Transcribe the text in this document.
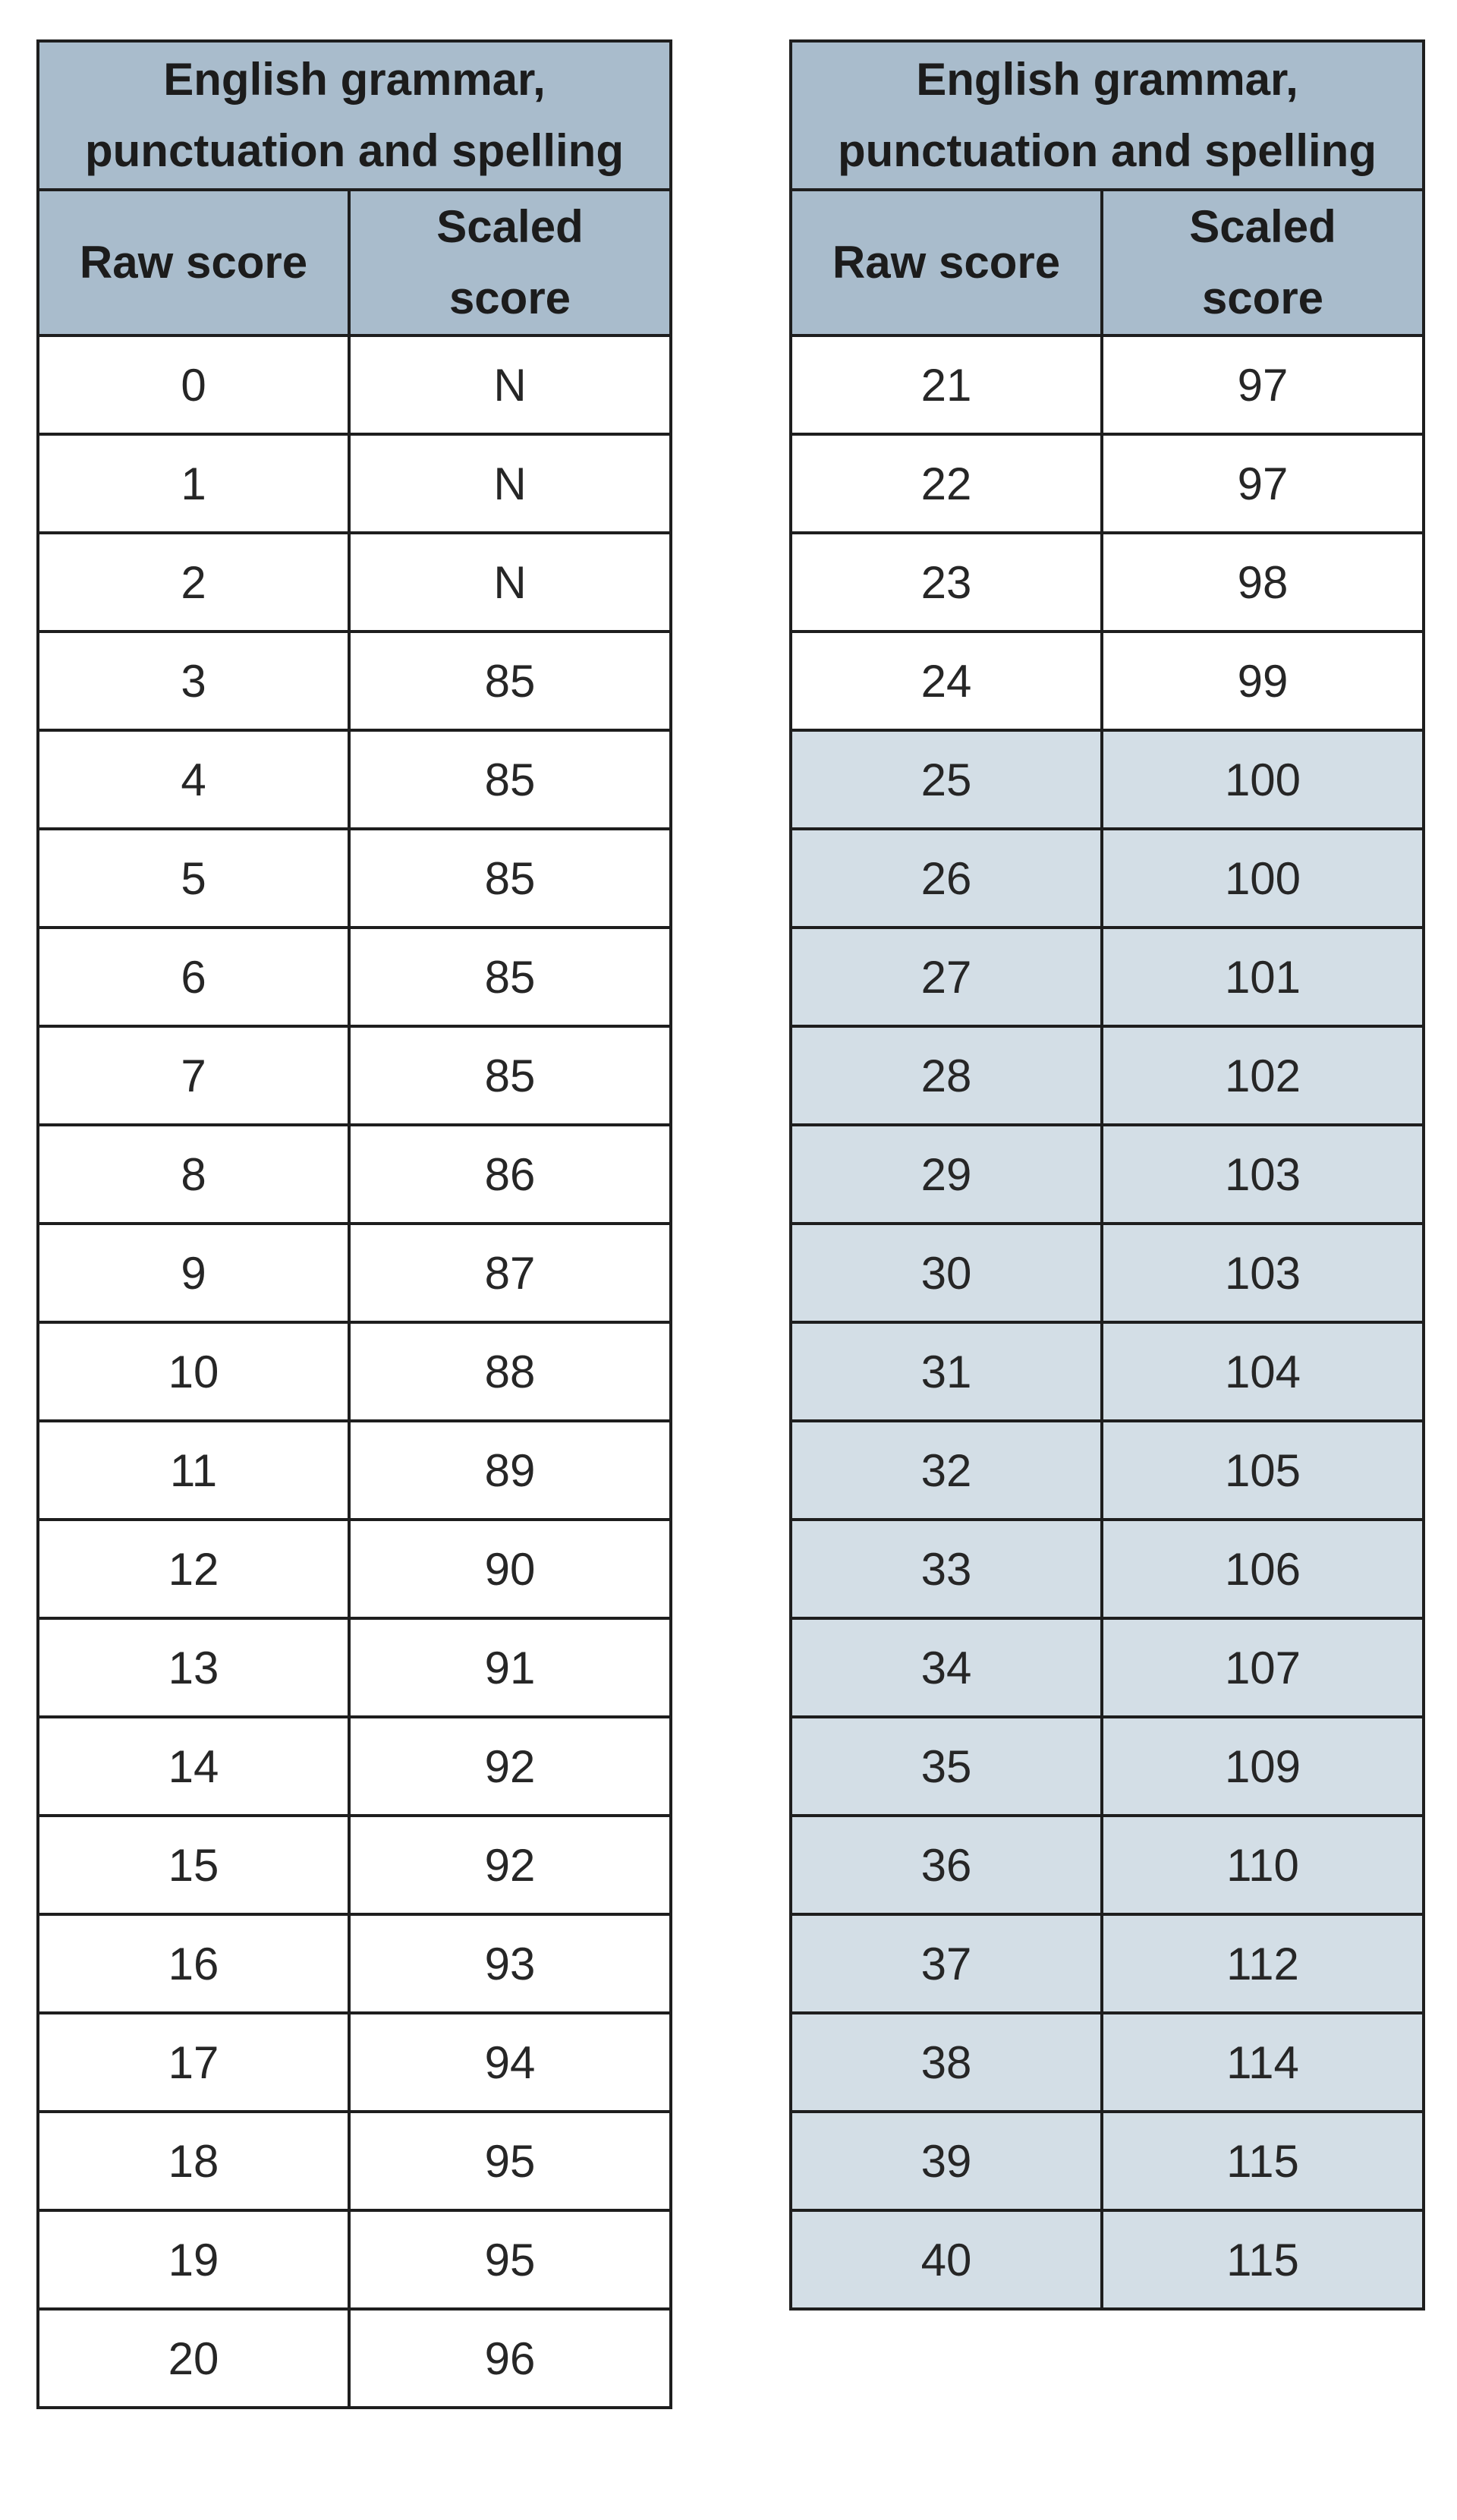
English grammar, punctuation and spelling	
Raw score	Scaled
score
0	N
1	N
2	N
3	85
4	85
5	85
6	85
7	85
8	86
9	87
10	88
11	89
12	90
13	91
14	92
15	92
16	93
17	94
18	95
19	95
20	96
English grammar, punctuation and spelling	
Raw score	Scaled
score
21	97
22	97
23	98
24	99
25	100
26	100
27	101
28	102
29	103
30	103
31	104
32	105
33	106
34	107
35	109
36	110
37	112
38	114
39	115
40	115
